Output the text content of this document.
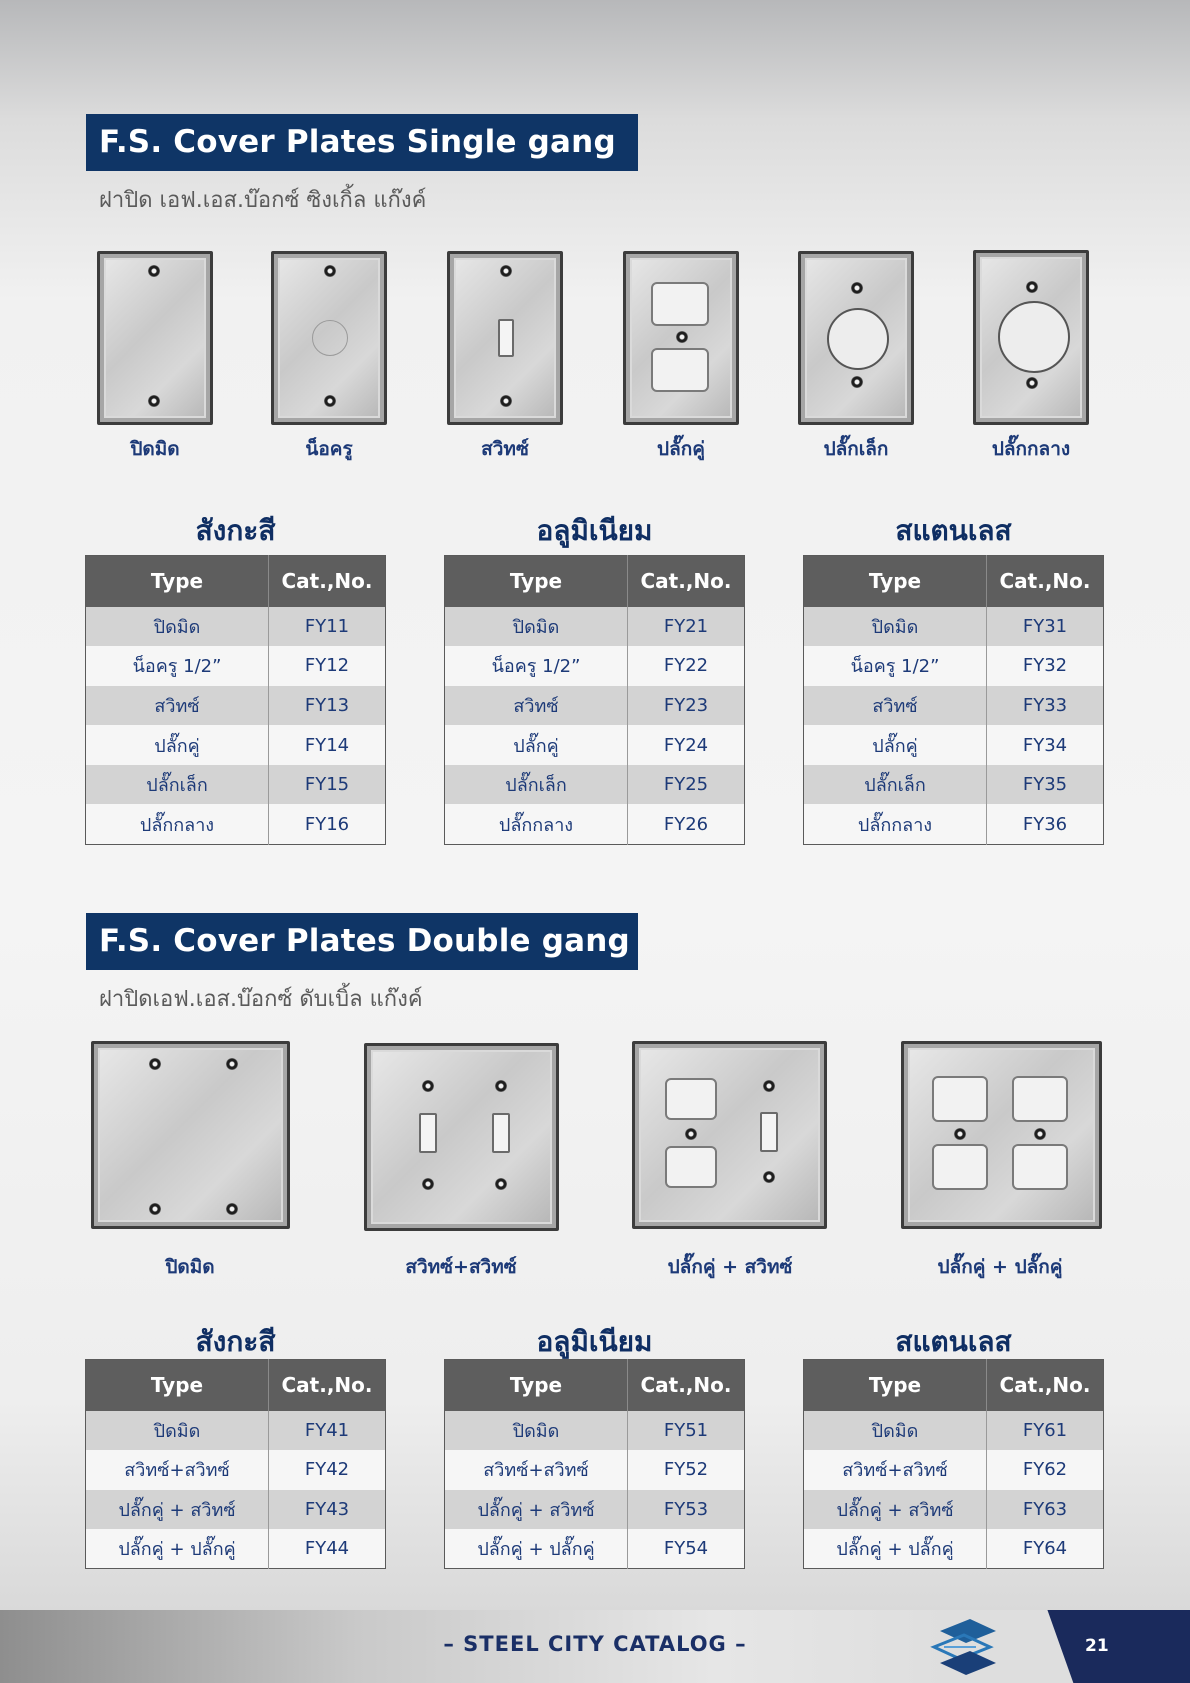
F.S. Cover Plates Single gang
ฝาปิด เอฟ.เอส.บ๊อกซ์ ซิงเกิ้ล แก๊งค์
ปิดมิด	น็อครู	สวิทซ์	ปลั๊กคู่	ปลั๊กเล็ก	ปลั๊กกลาง
สังกะสี	อลูมิเนียม	สแตนเลส
Type	Cat.,No.
ปิดมิด	FY11
น็อครู 1/2”	FY12
สวิทซ์	FY13
ปลั๊กคู่	FY14
ปลั๊กเล็ก	FY15
ปลั๊กกลาง	FY16
Type	Cat.,No.
ปิดมิด	FY21
น็อครู 1/2”	FY22
สวิทซ์	FY23
ปลั๊กคู่	FY24
ปลั๊กเล็ก	FY25
ปลั๊กกลาง	FY26
Type	Cat.,No.
ปิดมิด	FY31
น็อครู 1/2”	FY32
สวิทซ์	FY33
ปลั๊กคู่	FY34
ปลั๊กเล็ก	FY35
ปลั๊กกลาง	FY36
F.S. Cover Plates Double gang
ฝาปิดเอฟ.เอส.บ๊อกซ์ ดับเบิ้ล แก๊งค์
ปิดมิด	สวิทซ์+สวิทซ์	ปลั๊กคู่ + สวิทซ์	ปลั๊กคู่ + ปลั๊กคู่
สังกะสี	อลูมิเนียม	สแตนเลส
Type	Cat.,No.
ปิดมิด	FY41
สวิทซ์+สวิทซ์	FY42
ปลั๊กคู่ + สวิทซ์	FY43
ปลั๊กคู่ + ปลั๊กคู่	FY44
Type	Cat.,No.
ปิดมิด	FY51
สวิทซ์+สวิทซ์	FY52
ปลั๊กคู่ + สวิทซ์	FY53
ปลั๊กคู่ + ปลั๊กคู่	FY54
Type	Cat.,No.
ปิดมิด	FY61
สวิทซ์+สวิทซ์	FY62
ปลั๊กคู่ + สวิทซ์	FY63
ปลั๊กคู่ + ปลั๊กคู่	FY64
– STEEL CITY CATALOG –	21
